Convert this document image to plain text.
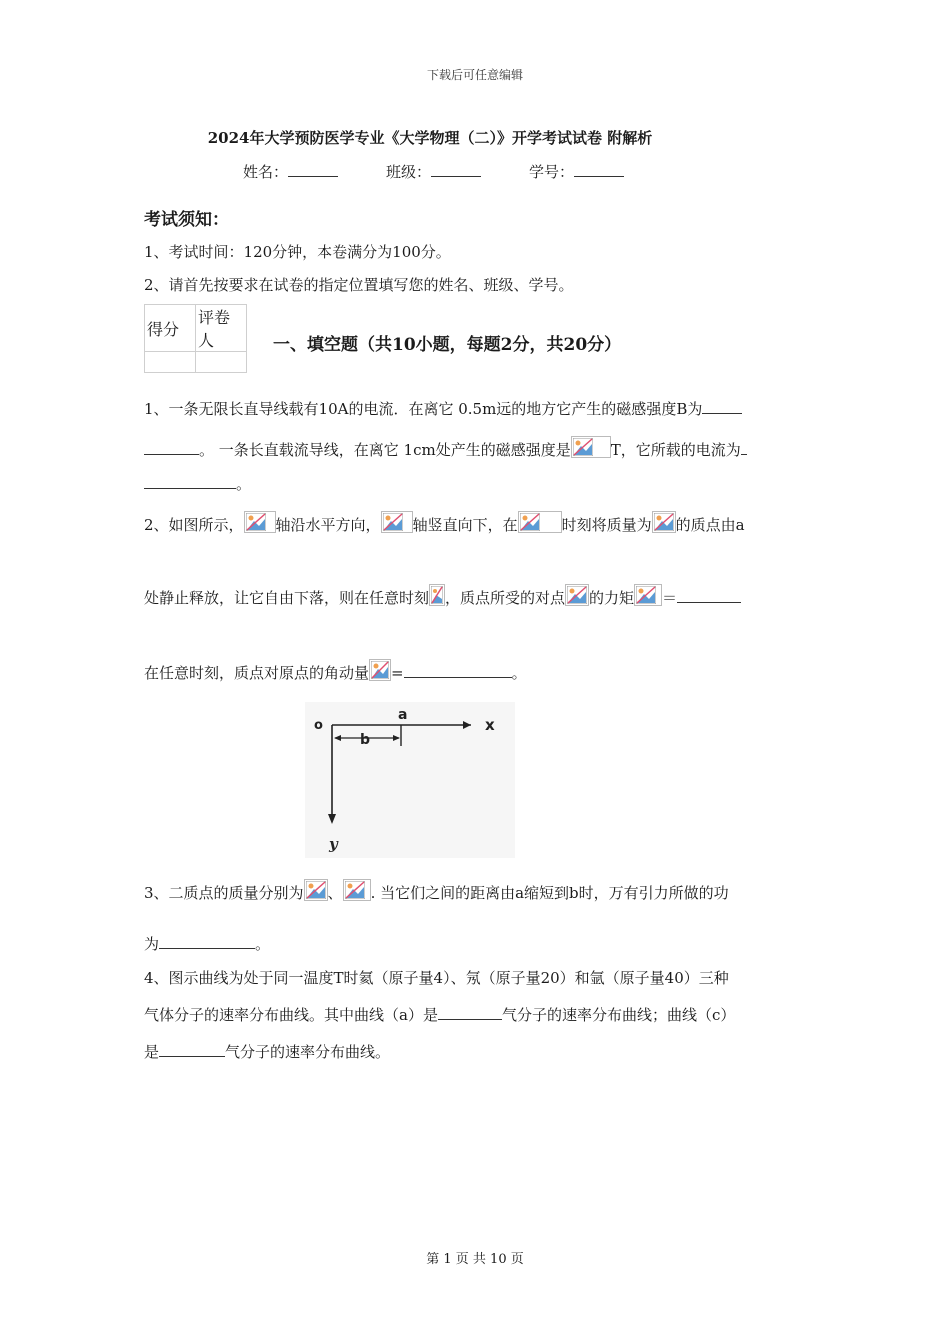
下载后可任意编辑
2024年大学预防医学专业《大学物理（二）》开学考试试卷 附解析
姓名：	班级：	学号：
考试须知：
1、考试时间：120分钟，本卷满分为100分。
2、请首先按要求在试卷的指定位置填写您的姓名、班级、学号。
得分	评卷人
		一、填空题（共10小题，每题2分，共20分）
1、一条无限长直导线载有10A的电流．在离它 0.5m远的地方它产生的磁感强度B为
。 一条长直载流导线，在离它 1cm处产生的磁感强度是	T，它所载的电流为
。
2、如图所示， 轴沿水平方向， 轴竖直向下，在	时刻将质量为 的质点由a
处静止释放，让它自由下落，则在任意时刻 ，质点所受的对点 的力矩 ＝
在任意时刻，质点对原点的角动量 =	。
o
a
b
x
y
3、二质点的质量分别为 、 . 当它们之间的距离由a缩短到b时，万有引力所做的功
为	。
4、图示曲线为处于同一温度T时氦（原子量4）、氖（原子量20）和氩（原子量40）三种
气体分子的速率分布曲线。其中曲线（a）是	气分子的速率分布曲线；曲线（c）
是	气分子的速率分布曲线。
第 1 页 共 10 页
